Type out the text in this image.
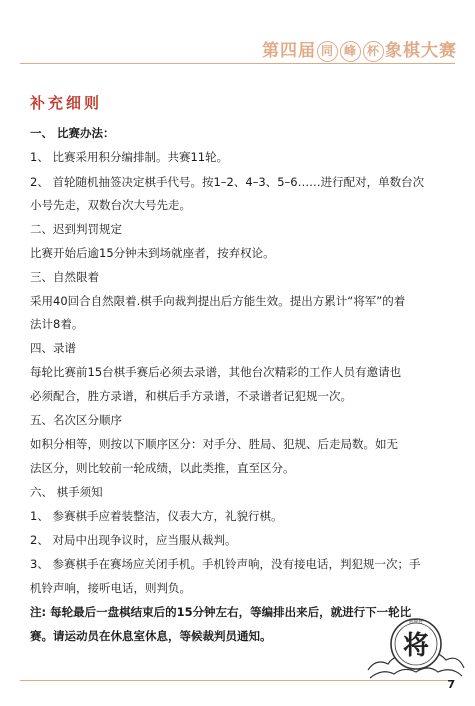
第四届 同 峰 杯 象棋大赛
补充细则
一、 比赛办法：
1、 比赛采用积分编排制。共赛11轮。
2、 首轮随机抽签决定棋手代号。按1–2、4–3、5–6……进行配对，单数台次
小号先走，双数台次大号先走。
二、迟到判罚规定
比赛开始后逾15分钟未到场就座者，按弃权论。
三、自然限着
采用40回合自然限着.棋手向裁判提出后方能生效。提出方累计“将军”的着
法计8着。
四、录谱
每轮比赛前15台棋手赛后必须去录谱，其他台次精彩的工作人员有邀请也
必须配合，胜方录谱，和棋后手方录谱，不录谱者记犯规一次。
五、名次区分顺序
如积分相等，则按以下顺序区分：对手分、胜局、犯规、后走局数。如无
法区分，则比较前一轮成绩，以此类推，直至区分。
六、 棋手须知
1、 参赛棋手应着装整洁，仪表大方，礼貌行棋。
2、 对局中出现争议时，应当服从裁判。
3、 参赛棋手在赛场应关闭手机。手机铃声响，没有接电话，判犯规一次；手
机铃声响，接听电话，则判负。
注: 每轮最后一盘棋结束后的15分钟左右，等编排出来后，就进行下一轮比
赛。请运动员在休息室休息，等候裁判员通知。
同峰杯
将
7
